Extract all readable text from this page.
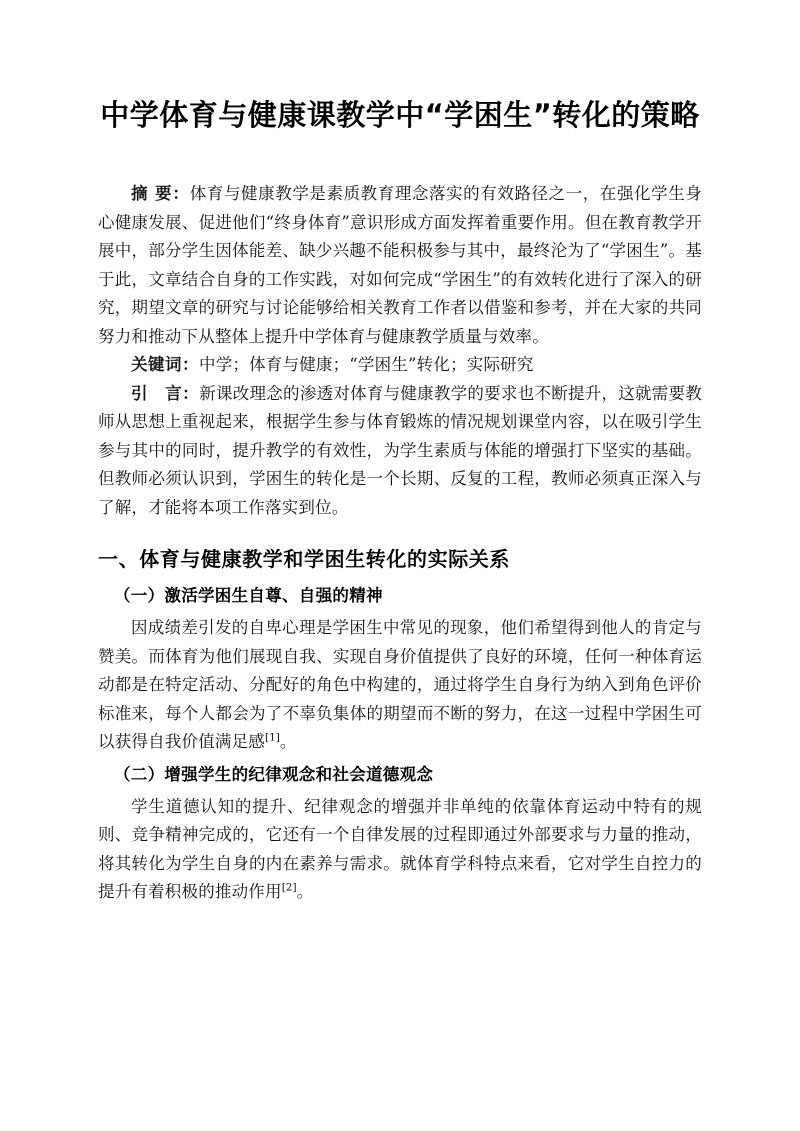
中学体育与健康课教学中“学困生”转化的策略

摘 要：体育与健康教学是素质教育理念落实的有效路径之一，在强化学生身心健康发展、促进他们“终身体育”意识形成方面发挥着重要作用。但在教育教学开展中，部分学生因体能差、缺少兴趣不能积极参与其中，最终沦为了“学困生”。基于此，文章结合自身的工作实践，对如何完成“学困生”的有效转化进行了深入的研究，期望文章的研究与讨论能够给相关教育工作者以借鉴和参考，并在大家的共同努力和推动下从整体上提升中学体育与健康教学质量与效率。

关键词：中学；体育与健康；“学困生”转化；实际研究

引　言：新课改理念的渗透对体育与健康教学的要求也不断提升，这就需要教师从思想上重视起来，根据学生参与体育锻炼的情况规划课堂内容，以在吸引学生参与其中的同时，提升教学的有效性，为学生素质与体能的增强打下坚实的基础。但教师必须认识到，学困生的转化是一个长期、反复的工程，教师必须真正深入与了解，才能将本项工作落实到位。

一、体育与健康教学和学困生转化的实际关系
（一）激活学困生自尊、自强的精神

因成绩差引发的自卑心理是学困生中常见的现象，他们希望得到他人的肯定与赞美。而体育为他们展现自我、实现自身价值提供了良好的环境，任何一种体育运动都是在特定活动、分配好的角色中构建的，通过将学生自身行为纳入到角色评价标准来，每个人都会为了不辜负集体的期望而不断的努力，在这一过程中学困生可以获得自我价值满足感[1]。

（二）增强学生的纪律观念和社会道德观念

学生道德认知的提升、纪律观念的增强并非单纯的依靠体育运动中特有的规则、竞争精神完成的，它还有一个自律发展的过程即通过外部要求与力量的推动，将其转化为学生自身的内在素养与需求。就体育学科特点来看，它对学生自控力的提升有着积极的推动作用[2]。
